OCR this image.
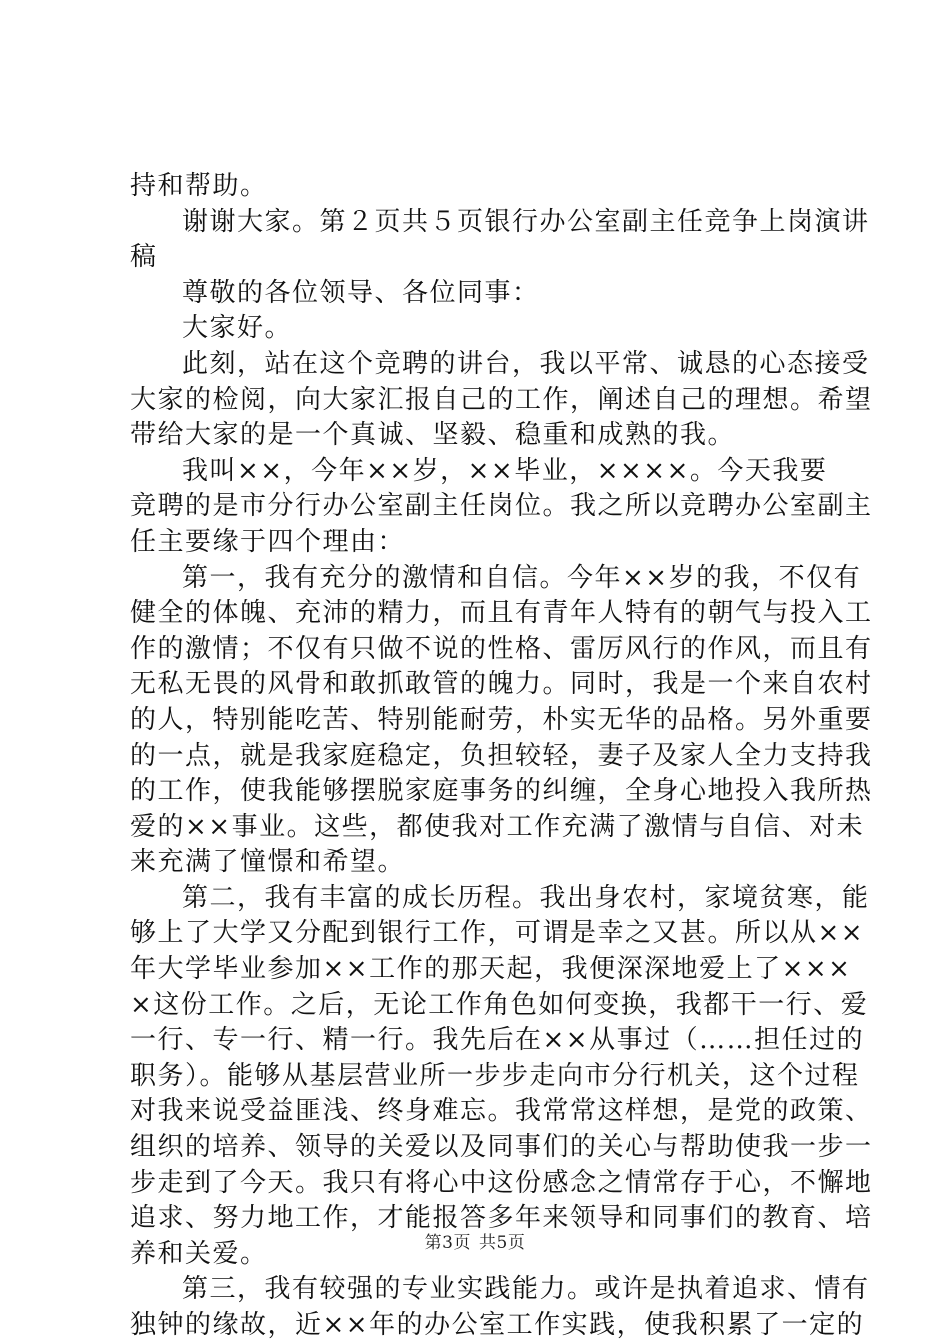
持和帮助。
谢谢大家。第２页共５页银行办公室副主任竞争上岗演讲
稿
尊敬的各位领导、各位同事：
大家好。
此刻，站在这个竞聘的讲台，我以平常、诚恳的心态接受
大家的检阅，向大家汇报自己的工作，阐述自己的理想。希望
带给大家的是一个真诚、坚毅、稳重和成熟的我。
我叫××，今年××岁，××毕业，××××。今天我要
竞聘的是市分行办公室副主任岗位。我之所以竞聘办公室副主
任主要缘于四个理由：
第一，我有充分的激情和自信。今年××岁的我，不仅有
健全的体魄、充沛的精力，而且有青年人特有的朝气与投入工
作的激情；不仅有只做不说的性格、雷厉风行的作风，而且有
无私无畏的风骨和敢抓敢管的魄力。同时，我是一个来自农村
的人，特别能吃苦、特别能耐劳，朴实无华的品格。另外重要
的一点，就是我家庭稳定，负担较轻，妻子及家人全力支持我
的工作，使我能够摆脱家庭事务的纠缠，全身心地投入我所热
爱的××事业。这些，都使我对工作充满了激情与自信、对未
来充满了憧憬和希望。
第二，我有丰富的成长历程。我出身农村，家境贫寒，能
够上了大学又分配到银行工作，可谓是幸之又甚。所以从××
年大学毕业参加××工作的那天起，我便深深地爱上了×××
×这份工作。之后，无论工作角色如何变换，我都干一行、爱
一行、专一行、精一行。我先后在××从事过（……担任过的
职务）。能够从基层营业所一步步走向市分行机关，这个过程
对我来说受益匪浅、终身难忘。我常常这样想，是党的政策、
组织的培养、领导的关爱以及同事们的关心与帮助使我一步一
步走到了今天。我只有将心中这份感念之情常存于心，不懈地
追求、努力地工作，才能报答多年来领导和同事们的教育、培
养和关爱。
第三，我有较强的专业实践能力。或许是执着追求、情有
独钟的缘故，近××年的办公室工作实践，使我积累了一定的
第3页 共5页
